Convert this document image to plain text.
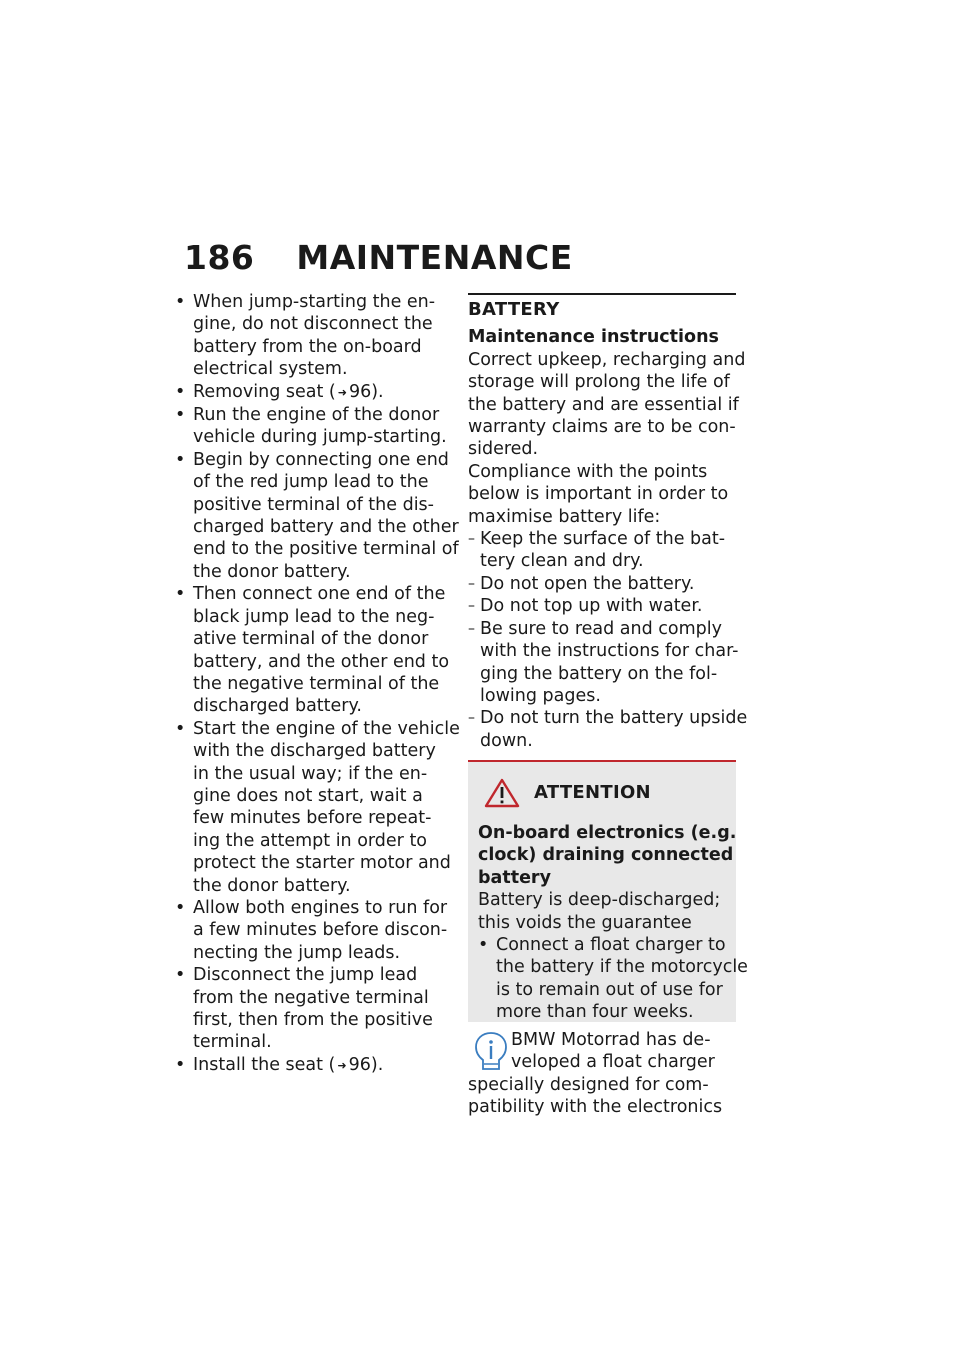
186 MAINTENANCE
• When jump-starting the en-
gine, do not disconnect the
battery from the on-board
electrical system.
• Removing seat ( ➜ 96).
• Run the engine of the donor
vehicle during jump-starting.
• Begin by connecting one end
of the red jump lead to the
positive terminal of the dis-
charged battery and the other
end to the positive terminal of
the donor battery.
• Then connect one end of the
black jump lead to the neg-
ative terminal of the donor
battery, and the other end to
the negative terminal of the
discharged battery.
• Start the engine of the vehicle
with the discharged battery
in the usual way; if the en-
gine does not start, wait a
few minutes before repeat-
ing the attempt in order to
protect the starter motor and
the donor battery.
• Allow both engines to run for
a few minutes before discon-
necting the jump leads.
• Disconnect the jump lead
from the negative terminal
first, then from the positive
terminal.
• Install the seat ( ➜ 96).
BATTERY
Maintenance instructions
Correct upkeep, recharging and
storage will prolong the life of
the battery and are essential if
warranty claims are to be con-
sidered.
Compliance with the points
below is important in order to
maximise battery life:
– Keep the surface of the bat-
tery clean and dry.
– Do not open the battery.
– Do not top up with water.
– Be sure to read and comply
with the instructions for char-
ging the battery on the fol-
lowing pages.
– Do not turn the battery upside
down.
ATTENTION
On-board electronics (e.g.
clock) draining connected
battery
Battery is deep-discharged;
this voids the guarantee
• Connect a float charger to
the battery if the motorcycle
is to remain out of use for
more than four weeks.
BMW Motorrad has de-
veloped a float charger
specially designed for com-
patibility with the electronics
